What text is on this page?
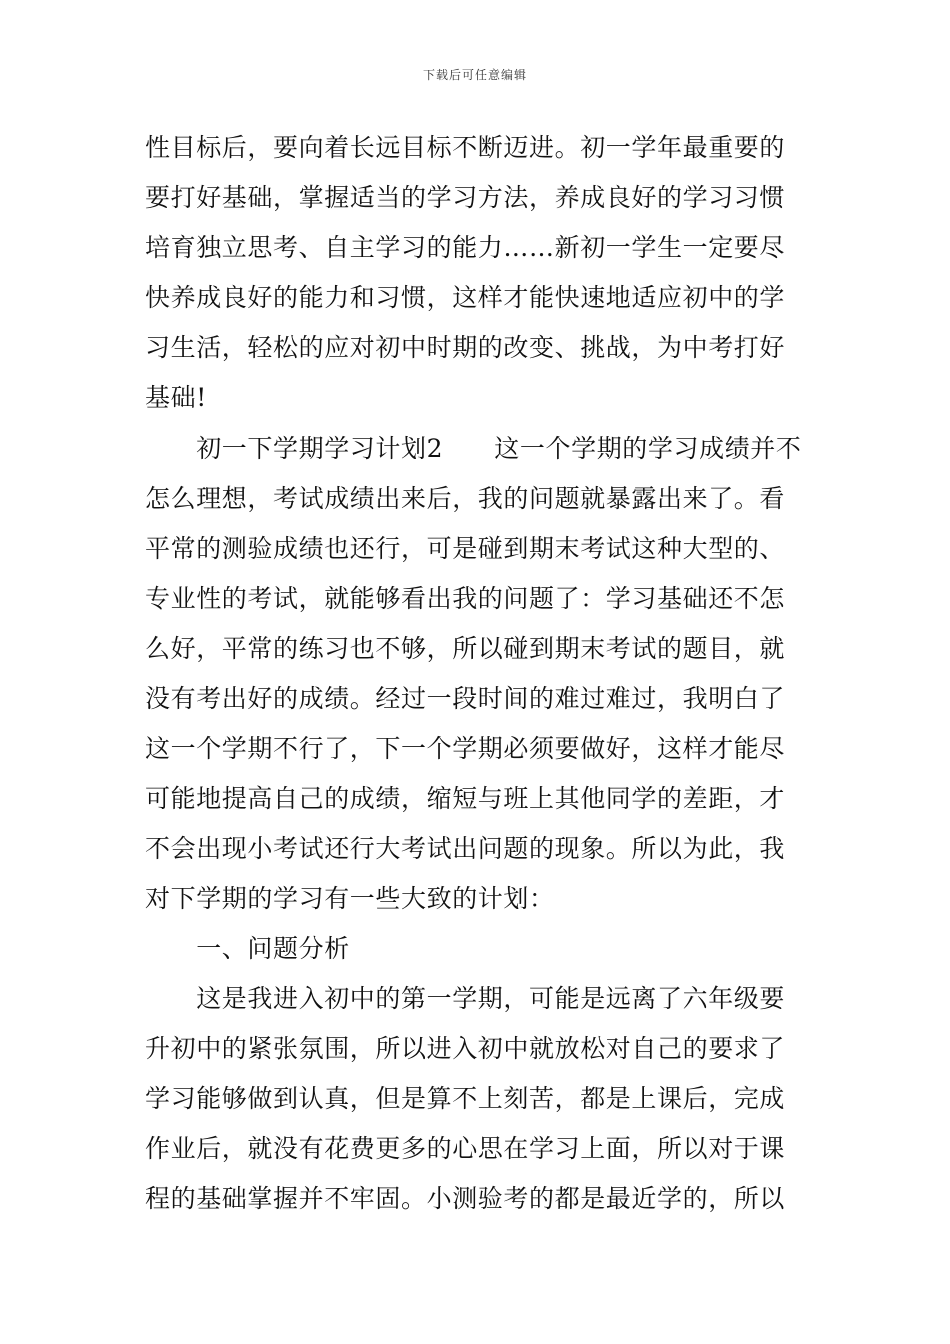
下载后可任意编辑
性目标后，要向着长远目标不断迈进。初一学年最重要的
要打好基础，掌握适当的学习方法，养成良好的学习习惯
培育独立思考、自主学习的能力……新初一学生一定要尽
快养成良好的能力和习惯，这样才能快速地适应初中的学
习生活，轻松的应对初中时期的改变、挑战，为中考打好
基础!
　　初一下学期学习计划2　　这一个学期的学习成绩并不
怎么理想，考试成绩出来后，我的问题就暴露出来了。看
平常的测验成绩也还行，可是碰到期末考试这种大型的、
专业性的考试，就能够看出我的问题了：学习基础还不怎
么好，平常的练习也不够，所以碰到期末考试的题目，就
没有考出好的成绩。经过一段时间的难过难过，我明白了
这一个学期不行了，下一个学期必须要做好，这样才能尽
可能地提高自己的成绩，缩短与班上其他同学的差距，才
不会出现小考试还行大考试出问题的现象。所以为此，我
对下学期的学习有一些大致的计划：
　　一、问题分析
　　这是我进入初中的第一学期，可能是远离了六年级要
升初中的紧张氛围，所以进入初中就放松对自己的要求了
学习能够做到认真，但是算不上刻苦，都是上课后，完成
作业后，就没有花费更多的心思在学习上面，所以对于课
程的基础掌握并不牢固。小测验考的都是最近学的，所以
